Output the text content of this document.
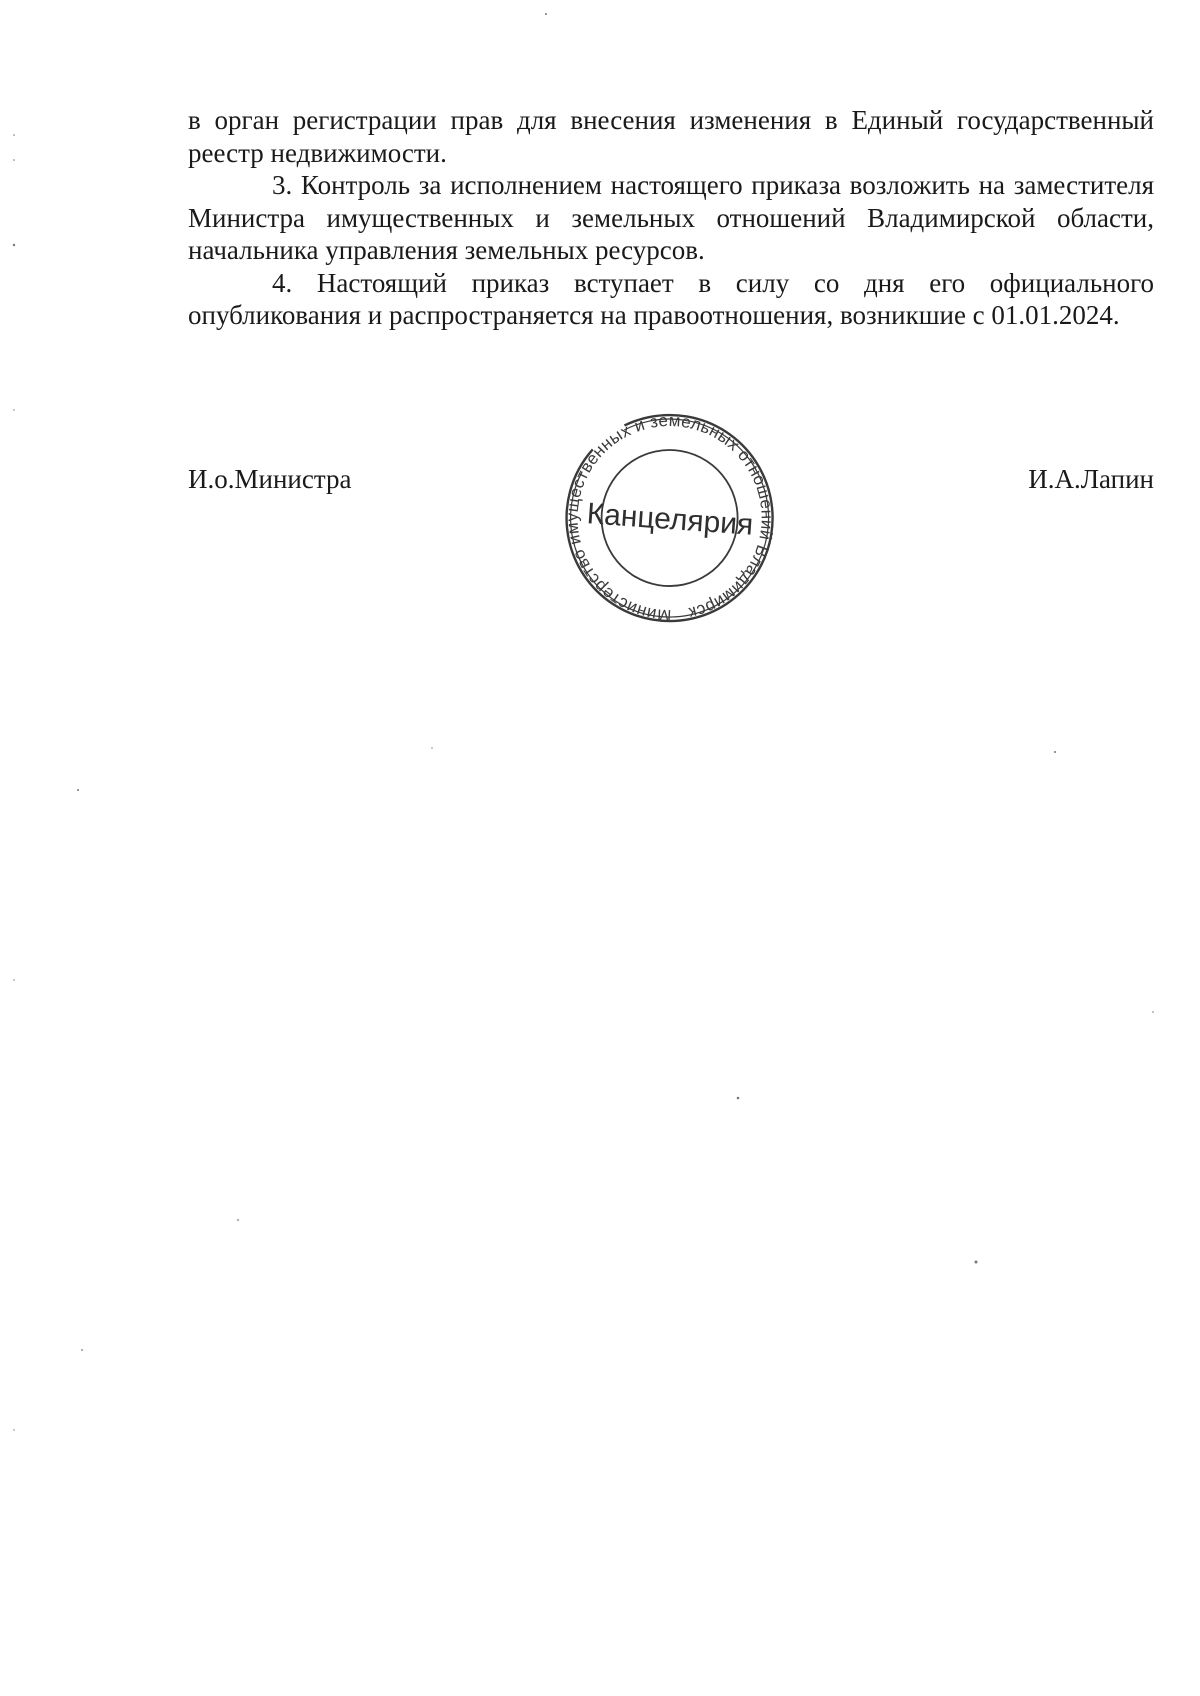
в орган регистрации прав для внесения изменения в Единый государственный реестр недвижимости.

3. Контроль за исполнением настоящего приказа возложить на заместителя Министра имущественных и земельных отношений Владимирской области, начальника управления земельных ресурсов.

4. Настоящий приказ вступает в силу со дня его официального опубликования и распространяется на правоотношения, возникшие с 01.01.2024.

И.о.Министра	И.А.Лапин
Министерство имущественных и земельных отношений Владимирской
Канцелярия
